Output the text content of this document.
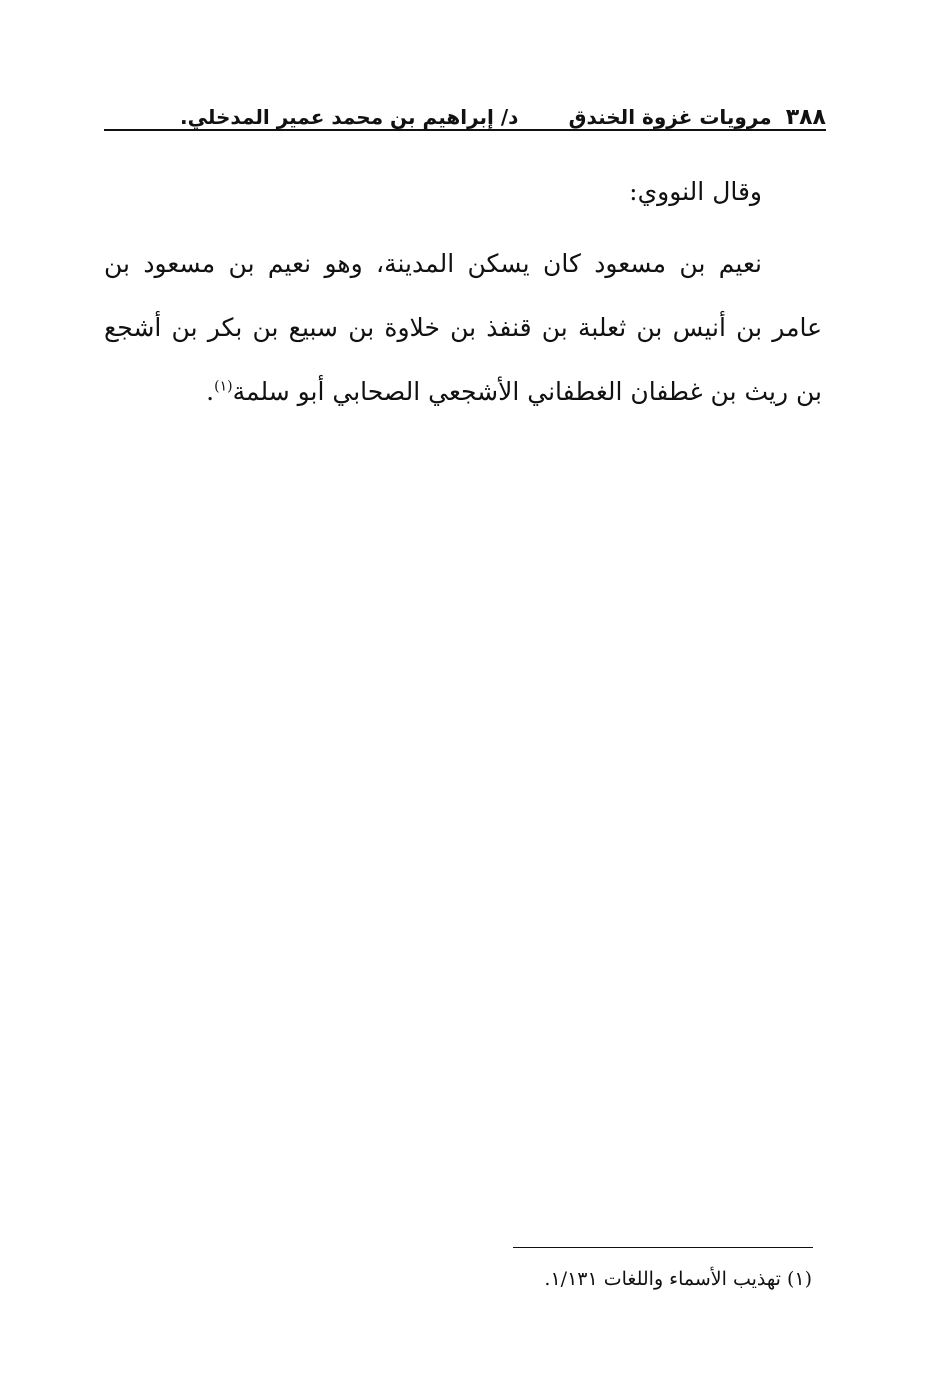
٣٨٨مرويات غزوة الخندق
د/ إبراهيم بن محمد عمير المدخلي.

وقال النووي:

نعيم بن مسعود كان يسكن المدينة، وهو نعيم بن مسعود بن عامر بن أنيس بن ثعلبة بن قنفذ بن خلاوة بن سبيع بن بكر بن أشجع بن ريث بن غطفان الغطفاني الأشجعي الصحابي أبو سلمة$^{(١)}$.

(١) تهذيب الأسماء واللغات ١/١٣١.
